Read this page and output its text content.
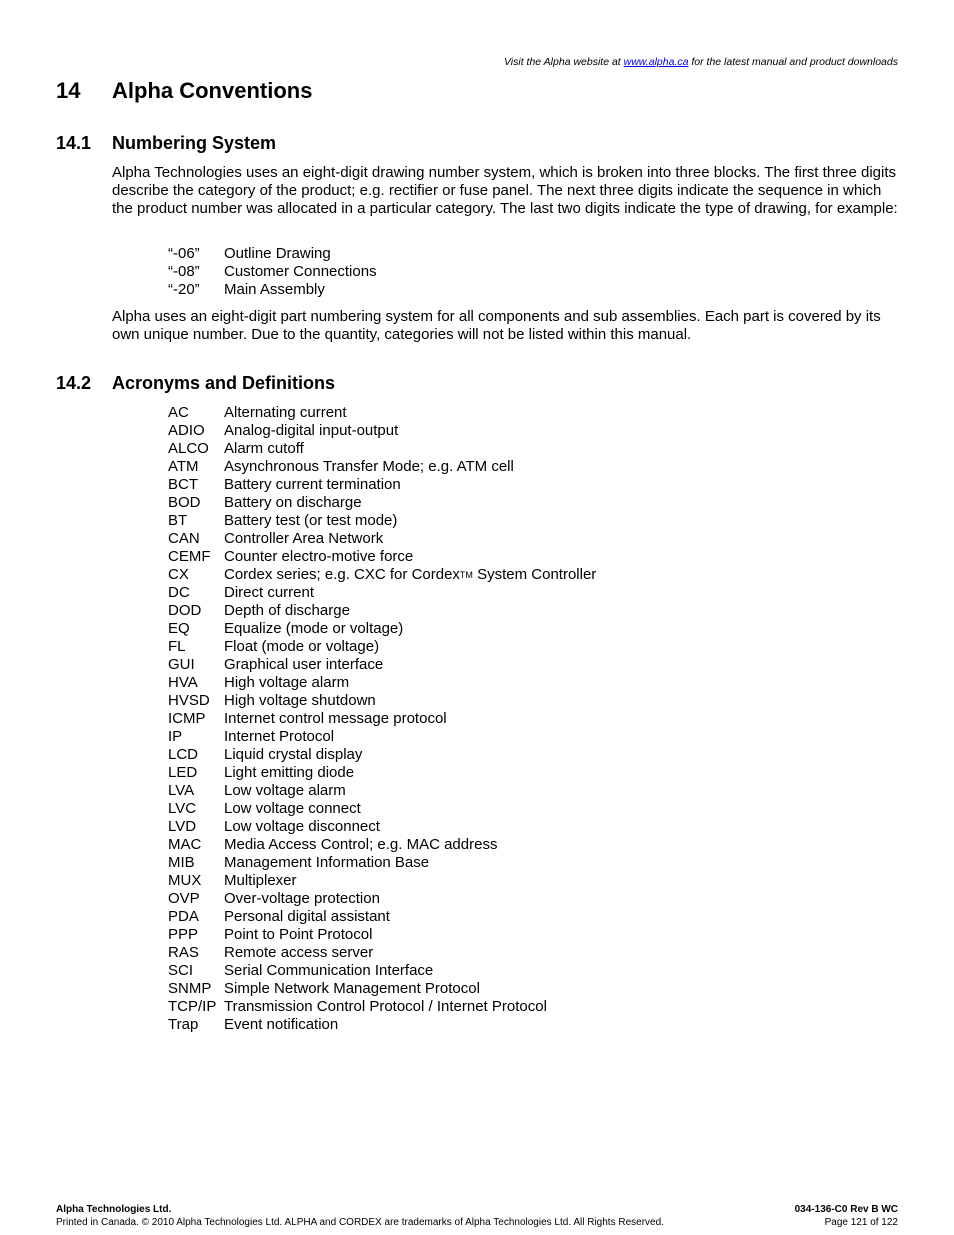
Visit the Alpha website at www.alpha.ca for the latest manual and product downloads
14 Alpha Conventions
14.1 Numbering System

Alpha Technologies uses an eight-digit drawing number system, which is broken into three blocks. The first three digits describe the category of the product; e.g. rectifier or fuse panel. The next three digits indicate the sequence in which the product number was allocated in a particular category. The last two digits indicate the type of drawing, for example:

“-06” Outline Drawing
“-08” Customer Connections
“-20” Main Assembly

Alpha uses an eight-digit part numbering system for all components and sub assemblies. Each part is covered by its own unique number. Due to the quantity, categories will not be listed within this manual.

14.2 Acronyms and Definitions
AC Alternating current
ADIO Analog-digital input-output
ALCO Alarm cutoff
ATM Asynchronous Transfer Mode; e.g. ATM cell
BCT Battery current termination
BOD Battery on discharge
BT Battery test (or test mode)
CAN Controller Area Network
CEMF Counter electro-motive force
CX Cordex series; e.g. CXC for CordexTM System Controller
DC Direct current
DOD Depth of discharge
EQ Equalize (mode or voltage)
FL	Float (mode or voltage)
GUI Graphical user interface
HVA High voltage alarm
HVSD High voltage shutdown
ICMP Internet control message protocol
IP	Internet Protocol
LCD Liquid crystal display
LED Light emitting diode
LVA Low voltage alarm
LVC Low voltage connect
LVD Low voltage disconnect
MAC Media Access Control; e.g. MAC address
MIB Management Information Base
MUX Multiplexer
OVP Over-voltage protection
PDA Personal digital assistant
PPP Point to Point Protocol
RAS Remote access server
SCI Serial Communication Interface
SNMP Simple Network Management Protocol
TCP/IP Transmission Control Protocol / Internet Protocol
Trap Event notification
Alpha Technologies Ltd.
Printed in Canada. © 2010 Alpha Technologies Ltd. ALPHA and CORDEX are trademarks of Alpha Technologies Ltd. All Rights Reserved.
034-136-C0 Rev B WC
Page 121 of 122
